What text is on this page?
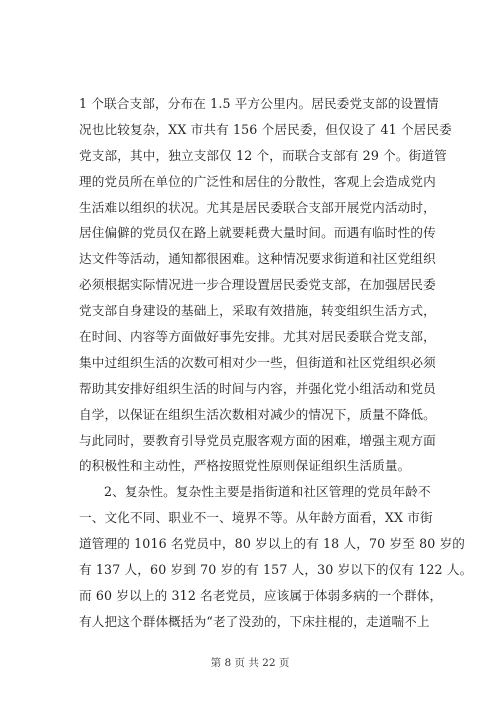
1 个联合支部，分布在 1.5 平方公里内。居民委党支部的设置情
况也比较复杂，XX 市共有 156 个居民委，但仅设了 41 个居民委
党支部，其中，独立支部仅 12 个，而联合支部有 29 个。街道管
理的党员所在单位的广泛性和居住的分散性，客观上会造成党内
生活难以组织的状况。尤其是居民委联合支部开展党内活动时，
居住偏僻的党员仅在路上就要耗费大量时间。而遇有临时性的传
达文件等活动，通知都很困难。这种情况要求街道和社区党组织
必须根据实际情况进一步合理设置居民委党支部，在加强居民委
党支部自身建设的基础上，采取有效措施，转变组织生活方式，
在时间、内容等方面做好事先安排。尤其对居民委联合党支部，
集中过组织生活的次数可相对少一些，但街道和社区党组织必须
帮助其安排好组织生活的时间与内容，并强化党小组活动和党员
自学，以保证在组织生活次数相对减少的情况下，质量不降低。
与此同时，要教育引导党员克服客观方面的困难，增强主观方面
的积极性和主动性，严格按照党性原则保证组织生活质量。
2、复杂性。复杂性主要是指街道和社区管理的党员年龄不
一、文化不同、职业不一、境界不等。从年龄方面看，XX 市街
道管理的 1016 名党员中，80 岁以上的有 18 人，70 岁至 80 岁的
有 137 人，60 岁到 70 岁的有 157 人，30 岁以下的仅有 122 人。
而 60 岁以上的 312 名老党员，应该属于体弱多病的一个群体，
有人把这个群体概括为“老了没劲的，下床拄棍的，走道喘不上
第 8 页 共 22 页
